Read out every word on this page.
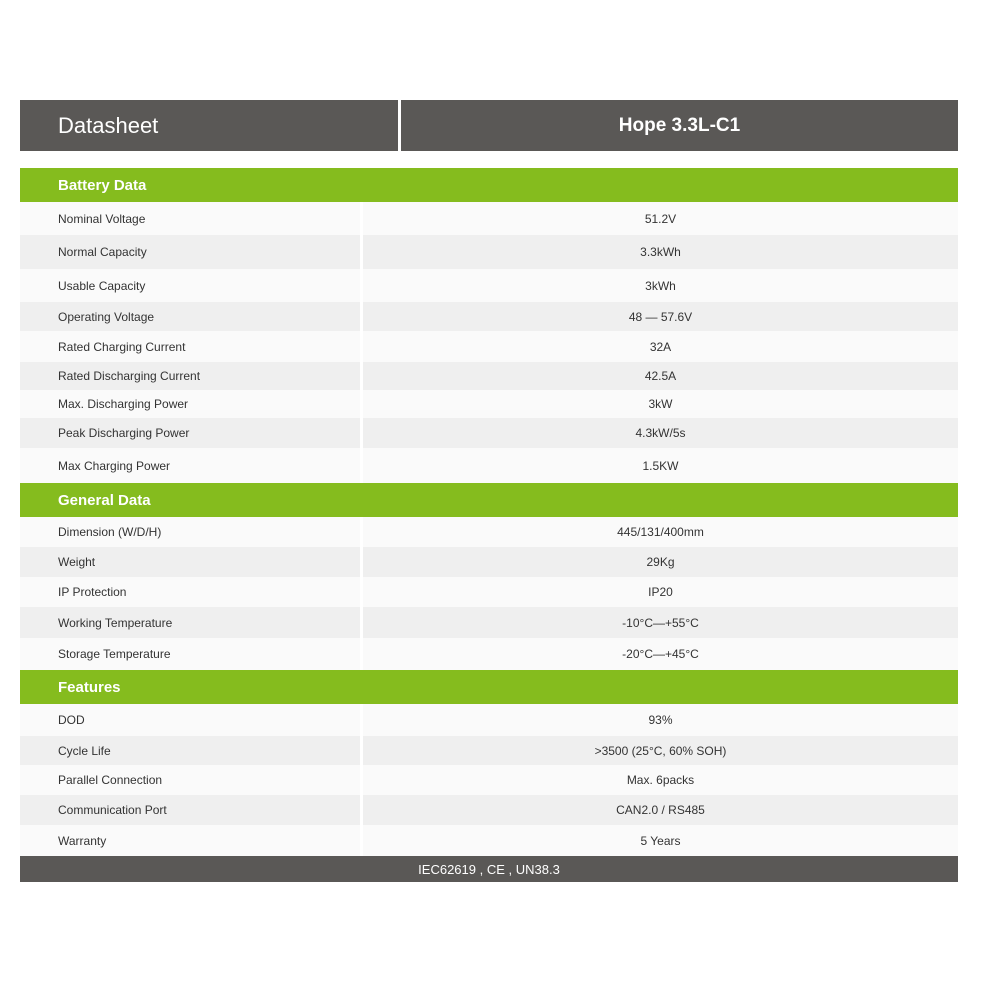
Datasheet	Hope 3.3L-C1
Battery Data
Nominal Voltage	51.2V
Normal Capacity	3.3kWh
Usable Capacity	3kWh
Operating Voltage	48 — 57.6V
Rated Charging Current	32A
Rated Discharging Current	42.5A
Max. Discharging Power	3kW
Peak Discharging Power	4.3kW/5s
Max Charging Power	1.5KW
General Data
Dimension (W/D/H)	445/131/400mm
Weight	29Kg
IP Protection	IP20
Working Temperature	-10°C—+55°C
Storage Temperature	-20°C—+45°C
Features
DOD	93%
Cycle Life	>3500 (25°C, 60% SOH)
Parallel Connection	Max. 6packs
Communication Port	CAN2.0 / RS485
Warranty	5 Years
IEC62619 , CE , UN38.3
